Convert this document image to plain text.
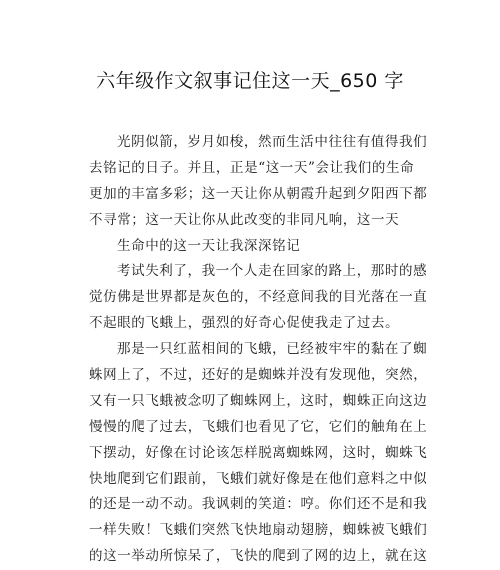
六年级作文叙事记住这一天_650 字
光阴似箭，岁月如梭，然而生活中往往有值得我们
去铭记的日子。并且，正是“这一天”会让我们的生命
更加的丰富多彩；这一天让你从朝霞升起到夕阳西下都
不寻常；这一天让你从此改变的非同凡响，这一天
生命中的这一天让我深深铭记
考试失利了，我一个人走在回家的路上，那时的感
觉仿佛是世界都是灰色的，不经意间我的目光落在一直
不起眼的飞蛾上，强烈的好奇心促使我走了过去。
那是一只红蓝相间的飞蛾，已经被牢牢的黏在了蜘
蛛网上了，不过，还好的是蜘蛛并没有发现他，突然，
又有一只飞蛾被念叨了蜘蛛网上，这时，蜘蛛正向这边
慢慢的爬了过去，飞蛾们也看见了它，它们的触角在上
下摆动，好像在讨论该怎样脱离蜘蛛网，这时，蜘蛛飞
快地爬到它们跟前，飞蛾们就好像是在他们意料之中似
的还是一动不动。我讽刺的笑道：哼。你们还不是和我
一样失败！飞蛾们突然飞快地扇动翅膀，蜘蛛被飞蛾们
的这一举动所惊呆了，飞快的爬到了网的边上，就在这
